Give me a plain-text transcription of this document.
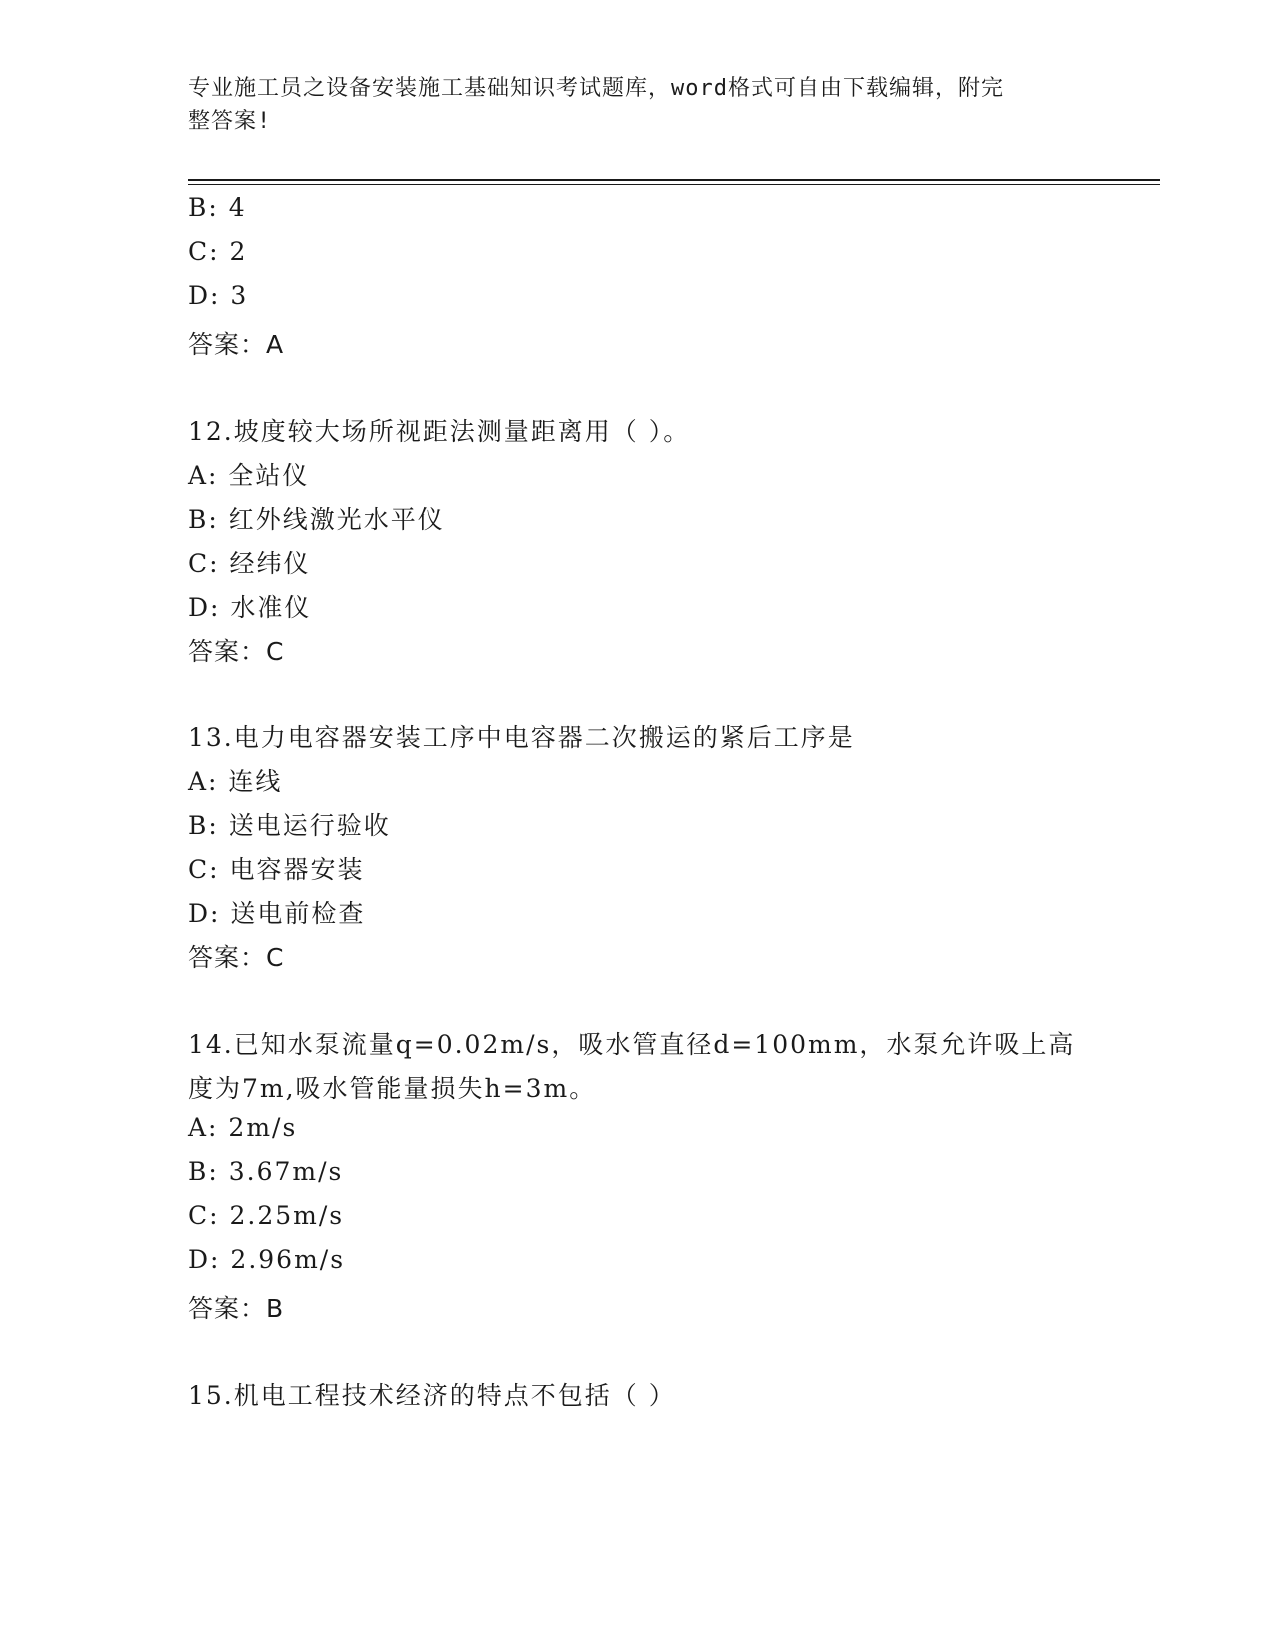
专业施工员之设备安装施工基础知识考试题库，word格式可自由下载编辑，附完
整答案!
B: 4
C: 2
D: 3
答案：A
12.坡度较大场所视距法测量距离用（ ）。
A: 全站仪
B: 红外线激光水平仪
C: 经纬仪
D: 水准仪
答案：C
13.电力电容器安装工序中电容器二次搬运的紧后工序是
A: 连线
B: 送电运行验收
C: 电容器安装
D: 送电前检查
答案：C
14.已知水泵流量q=0.02m/s，吸水管直径d=100mm，水泵允许吸上高
度为7m,吸水管能量损失h=3m。
A: 2m/s
B: 3.67m/s
C: 2.25m/s
D: 2.96m/s
答案：B
15.机电工程技术经济的特点不包括（ ）
